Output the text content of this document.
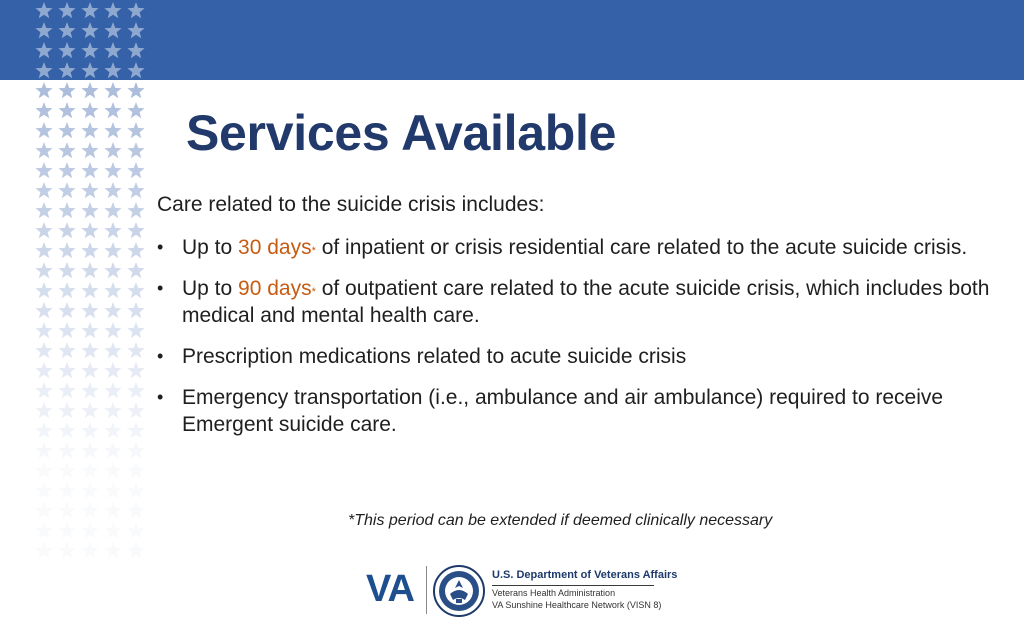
Services Available
Care related to the suicide crisis includes:
• Up to 30 days* of inpatient or crisis residential care related to the acute suicide crisis.
• Up to 90 days* of outpatient care related to the acute suicide crisis, which includes both medical and mental health care.
• Prescription medications related to acute suicide crisis
• Emergency transportation (i.e., ambulance and air ambulance) required to receive Emergent suicide care.
*This period can be extended if deemed clinically necessary
VA	U.S. Department of Veterans Affairs
Veterans Health Administration
VA Sunshine Healthcare Network (VISN 8)
